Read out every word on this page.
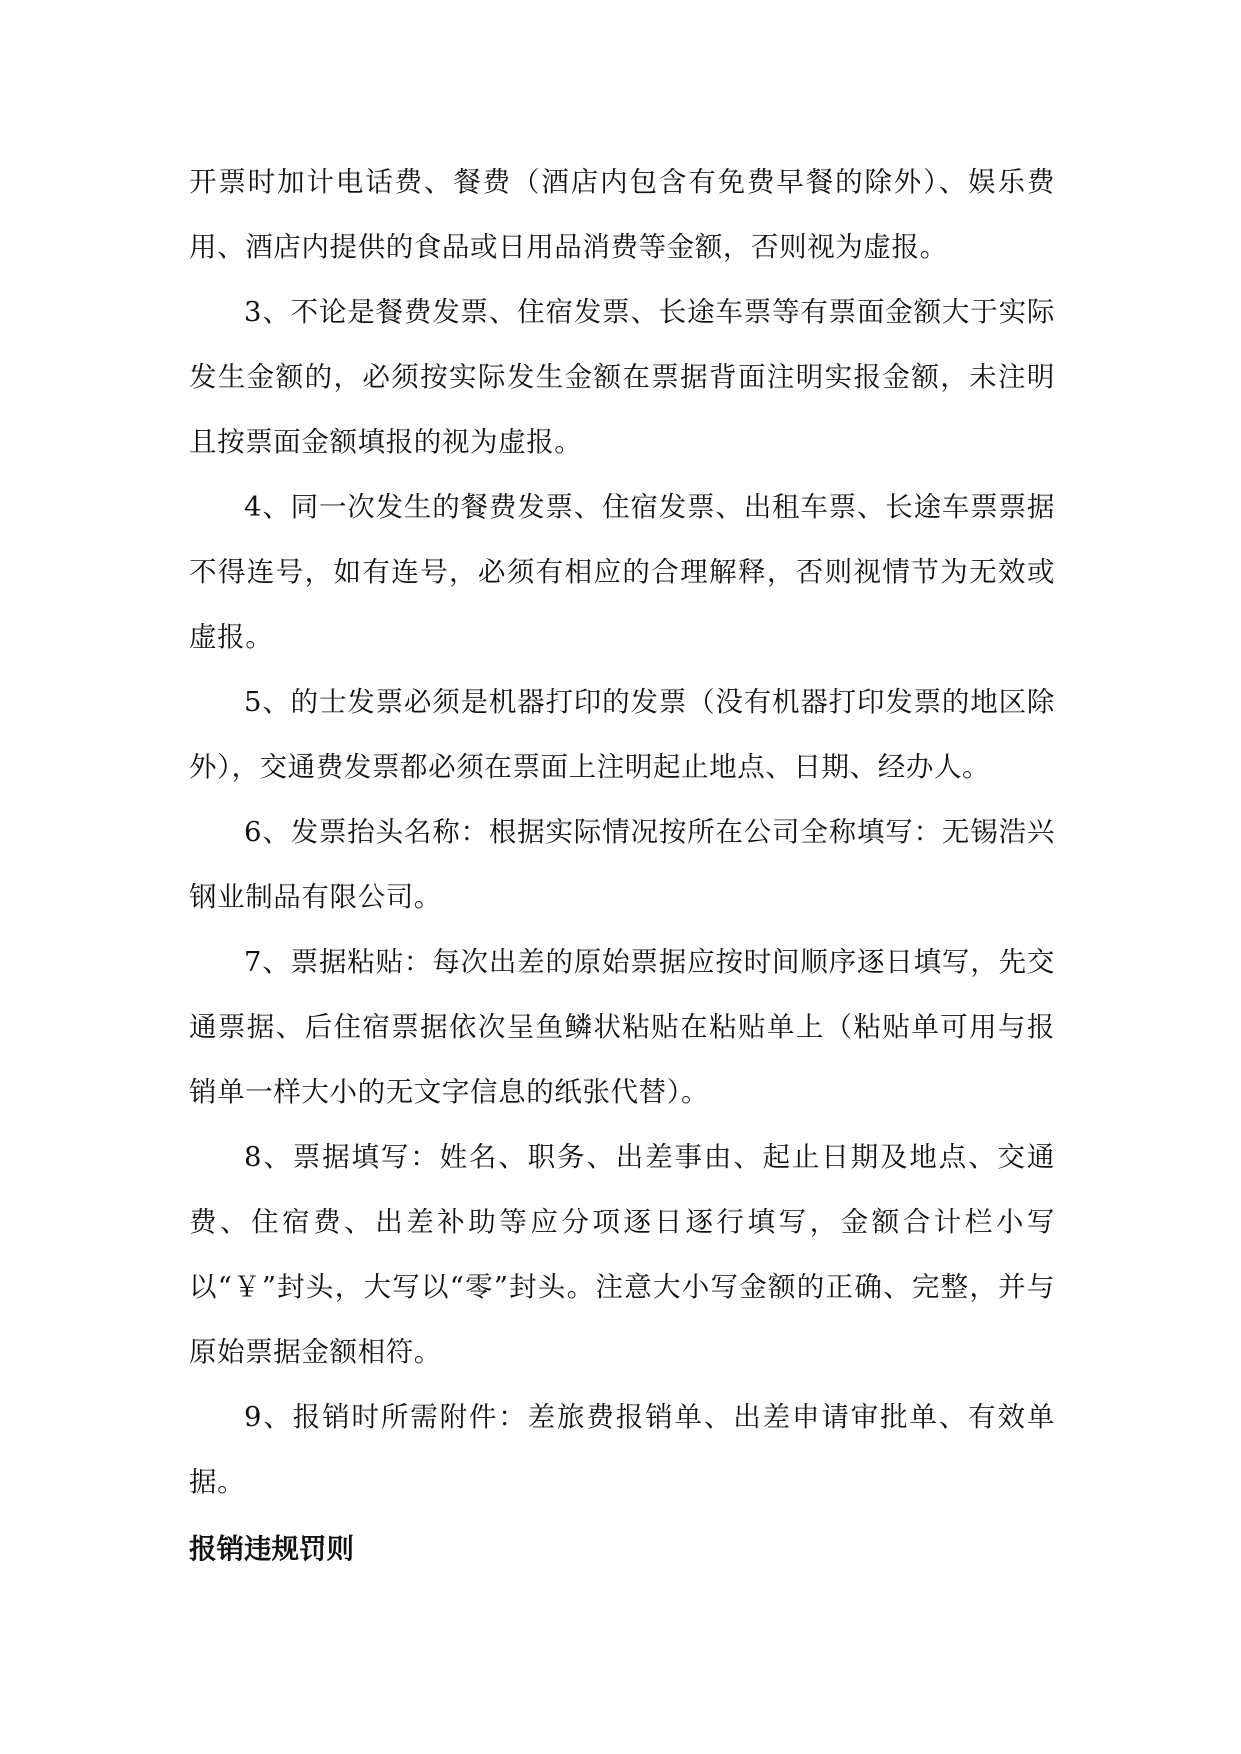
开票时加计电话费、餐费（酒店内包含有免费早餐的除外）、娱乐费用、酒店内提供的食品或日用品消费等金额，否则视为虚报。

3、不论是餐费发票、住宿发票、长途车票等有票面金额大于实际发生金额的，必须按实际发生金额在票据背面注明实报金额，未注明且按票面金额填报的视为虚报。

4、同一次发生的餐费发票、住宿发票、出租车票、长途车票票据不得连号，如有连号，必须有相应的合理解释，否则视情节为无效或虚报。

5、的士发票必须是机器打印的发票（没有机器打印发票的地区除外），交通费发票都必须在票面上注明起止地点、日期、经办人。

6、发票抬头名称：根据实际情况按所在公司全称填写：无锡浩兴钢业制品有限公司。

7、票据粘贴：每次出差的原始票据应按时间顺序逐日填写，先交通票据、后住宿票据依次呈鱼鳞状粘贴在粘贴单上（粘贴单可用与报销单一样大小的无文字信息的纸张代替）。

8、票据填写：姓名、职务、出差事由、起止日期及地点、交通费、住宿费、出差补助等应分项逐日逐行填写，金额合计栏小写以“￥”封头，大写以“零”封头。注意大小写金额的正确、完整，并与原始票据金额相符。

9、报销时所需附件：差旅费报销单、出差申请审批单、有效单据。

报销违规罚则
